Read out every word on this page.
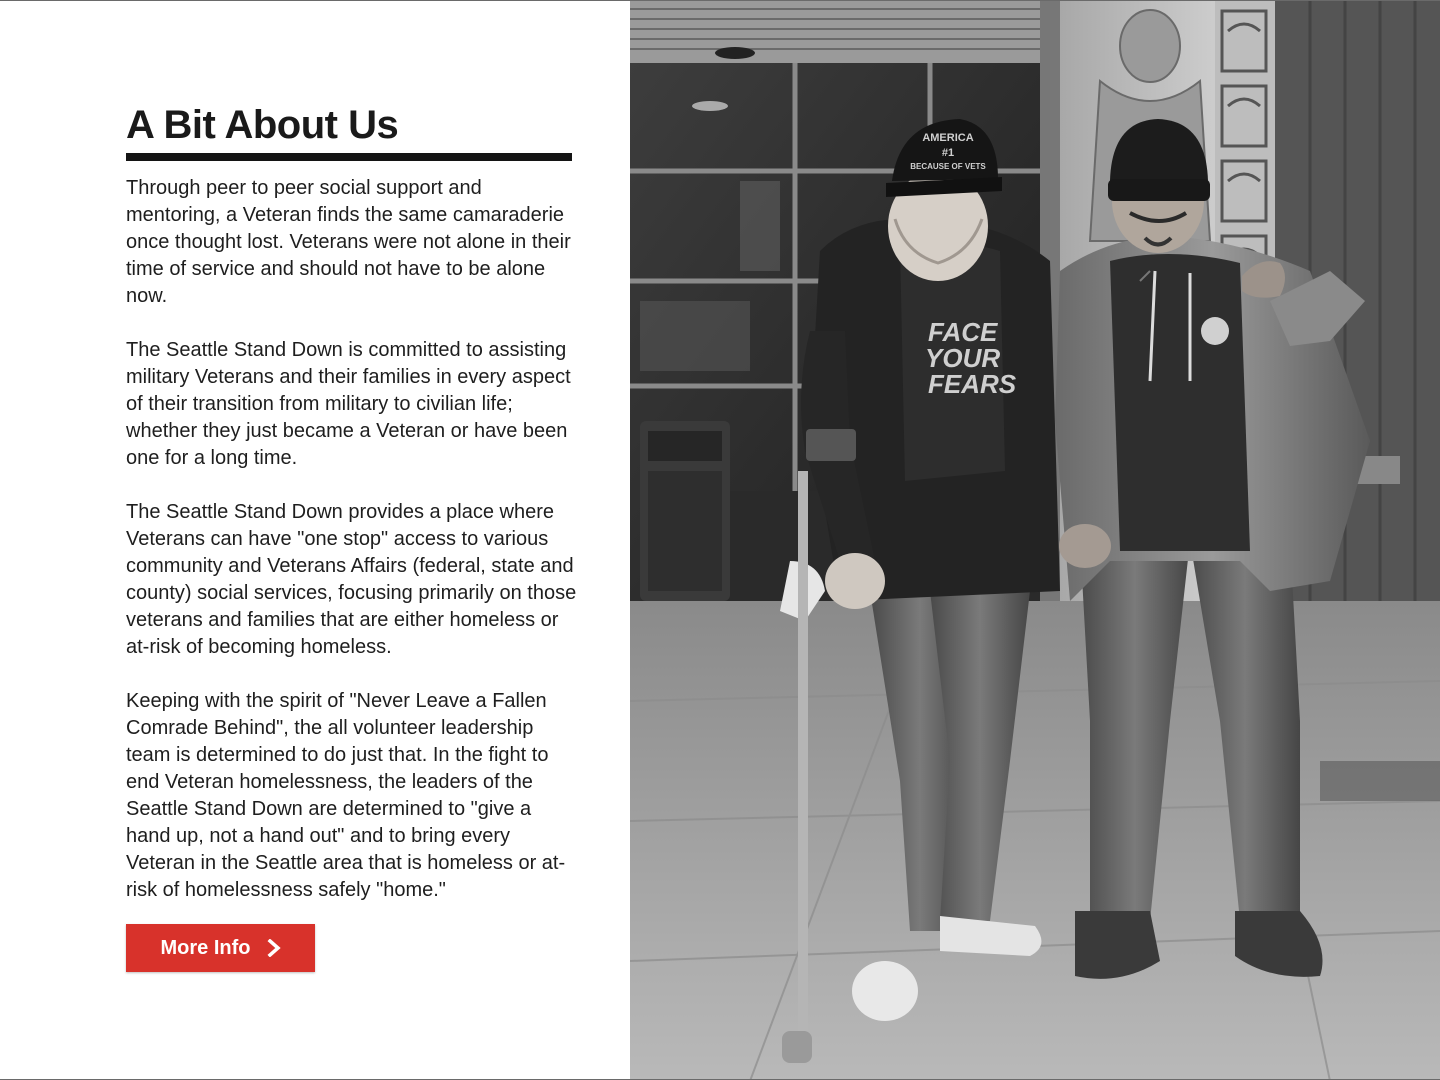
A Bit About Us

Through peer to peer social support and mentoring, a Veteran finds the same camaraderie once thought lost. Veterans were not alone in their time of service and should not have to be alone now.

The Seattle Stand Down is committed to assisting military Veterans and their families in every aspect of their transition from military to civilian life; whether they just became a Veteran or have been one for a long time.

The Seattle Stand Down provides a place where Veterans can have "one stop" access to various community and Veterans Affairs (federal, state and county) social services, focusing primarily on those veterans and families that are either homeless or at-risk of becoming homeless.

Keeping with the spirit of "Never Leave a Fallen Comrade Behind", the all volunteer leadership team is determined to do just that. In the fight to end Veteran homelessness, the leaders of the Seattle Stand Down are determined to "give a hand up, not a hand out" and to bring every Veteran in the Seattle area that is homeless or at-risk of homelessness safely "home."

More Info
FACE
YOUR
FEARS
AMERICA
#1
BECAUSE OF VETS
